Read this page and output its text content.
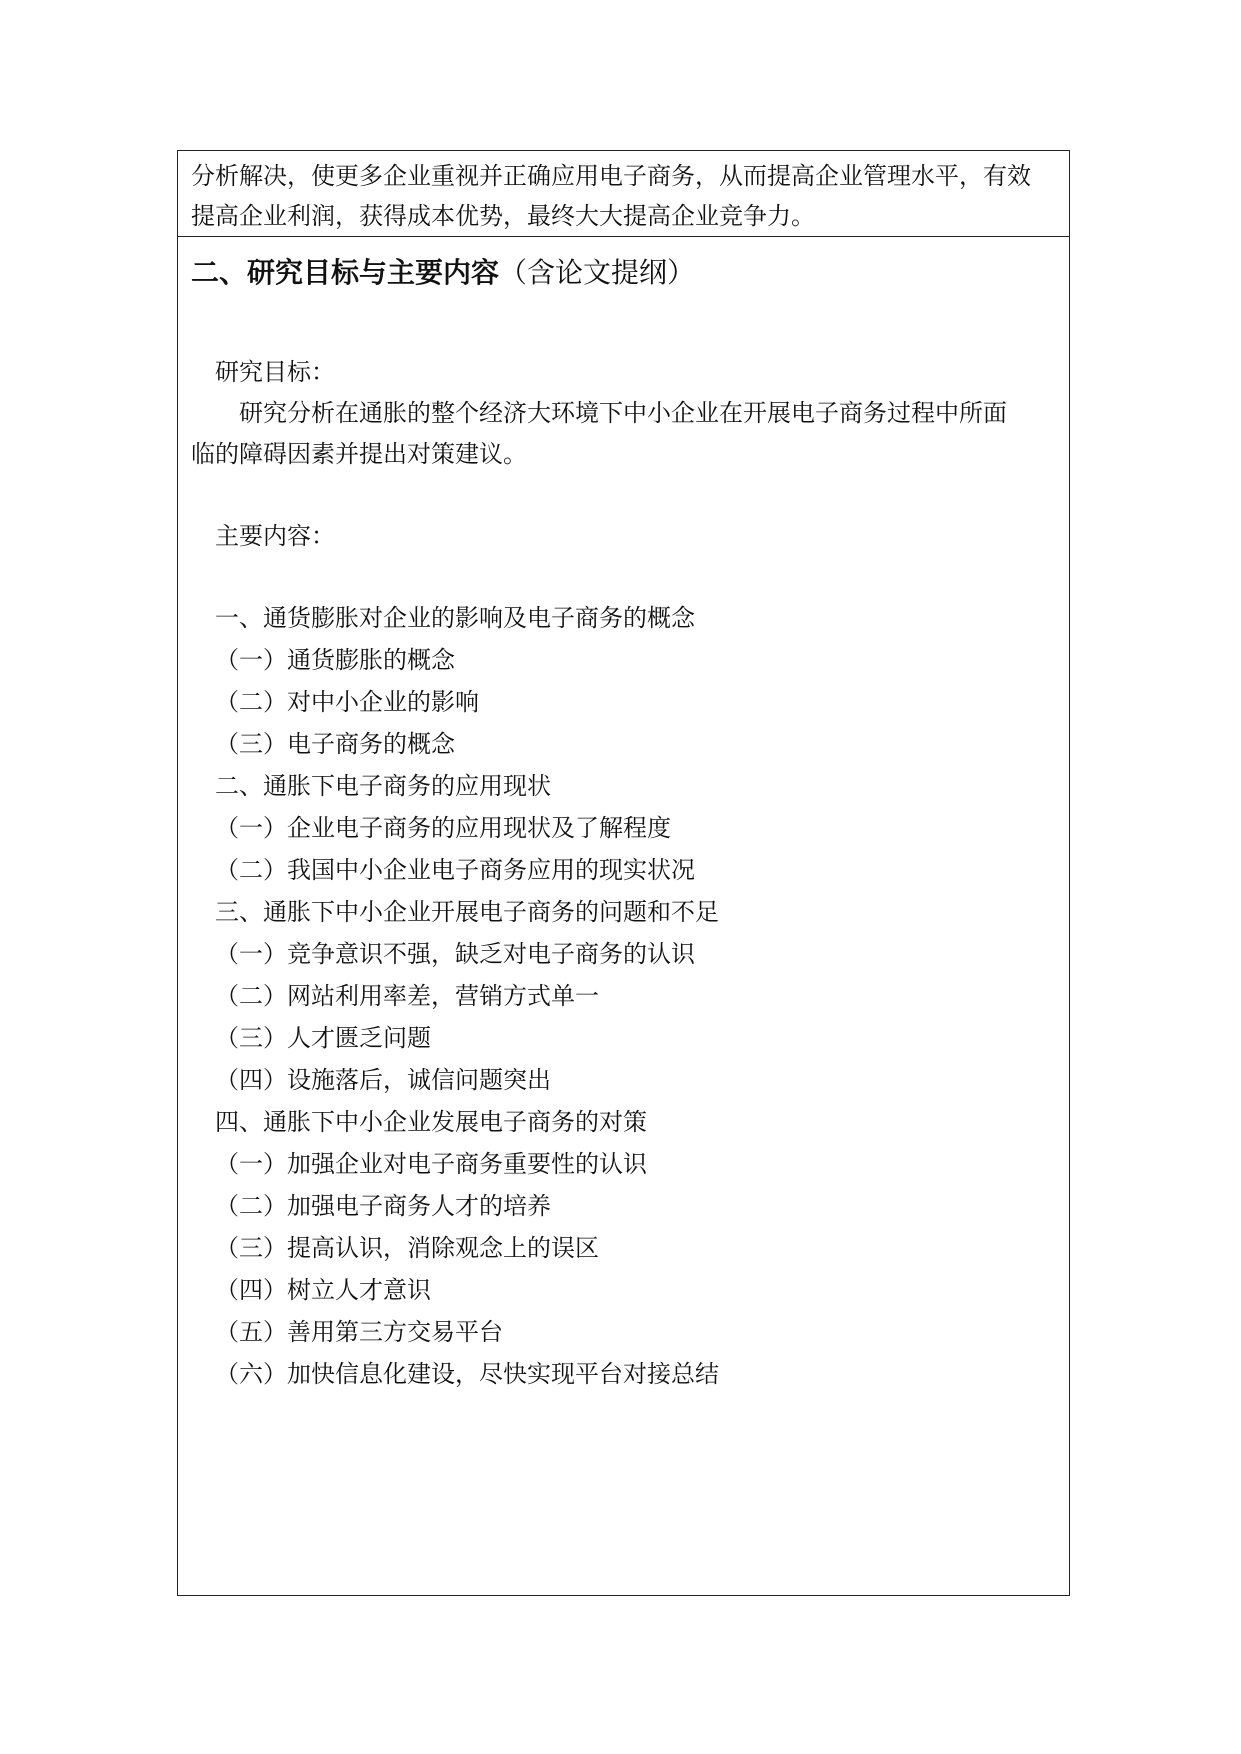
分析解决，使更多企业重视并正确应用电子商务，从而提高企业管理水平，有效
提高企业利润，获得成本优势，最终大大提高企业竞争力。
二、研究目标与主要内容（含论文提纲）
研究目标：
研究分析在通胀的整个经济大环境下中小企业在开展电子商务过程中所面
临的障碍因素并提出对策建议。
主要内容：
一、通货膨胀对企业的影响及电子商务的概念
（一）通货膨胀的概念
（二）对中小企业的影响
（三）电子商务的概念
二、通胀下电子商务的应用现状
（一）企业电子商务的应用现状及了解程度
（二）我国中小企业电子商务应用的现实状况
三、通胀下中小企业开展电子商务的问题和不足
（一）竞争意识不强，缺乏对电子商务的认识
（二）网站利用率差，营销方式单一
（三）人才匮乏问题
（四）设施落后，诚信问题突出
四、通胀下中小企业发展电子商务的对策
（一）加强企业对电子商务重要性的认识
（二）加强电子商务人才的培养
（三）提高认识，消除观念上的误区
（四）树立人才意识
（五）善用第三方交易平台
（六）加快信息化建设，尽快实现平台对接总结
